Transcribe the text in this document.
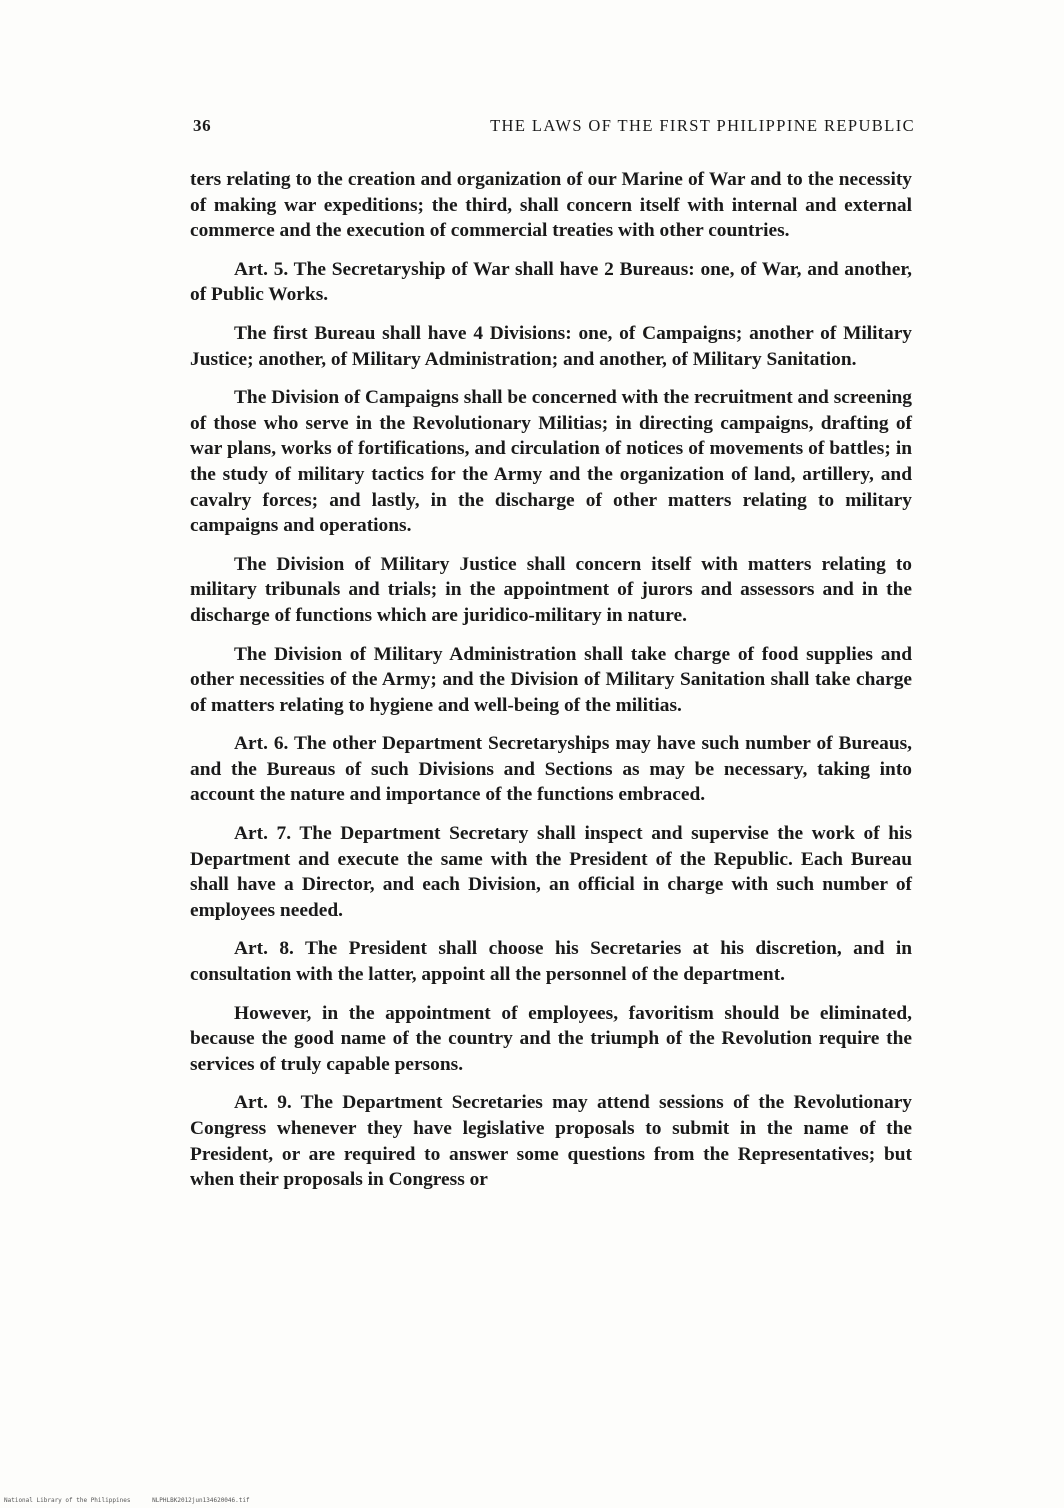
36	THE LAWS OF THE FIRST PHILIPPINE REPUBLIC

ters relating to the creation and organization of our Marine of War and to the necessity of making war expeditions; the third, shall concern itself with internal and external commerce and the execution of commercial treaties with other countries.

Art. 5. The Secretaryship of War shall have 2 Bureaus: one, of War, and another, of Public Works.

The first Bureau shall have 4 Divisions: one, of Campaigns; another of Military Justice; another, of Military Administration; and another, of Military Sanitation.

The Division of Campaigns shall be concerned with the recruitment and screening of those who serve in the Revolutionary Militias; in directing campaigns, drafting of war plans, works of fortifications, and circulation of notices of movements of battles; in the study of military tactics for the Army and the organization of land, artillery, and cavalry forces; and lastly, in the discharge of other matters relating to military campaigns and operations.

The Division of Military Justice shall concern itself with matters relating to military tribunals and trials; in the appointment of jurors and assessors and in the discharge of functions which are juridico-military in nature.

The Division of Military Administration shall take charge of food supplies and other necessities of the Army; and the Division of Military Sanitation shall take charge of matters relating to hygiene and well-being of the militias.

Art. 6. The other Department Secretaryships may have such number of Bureaus, and the Bureaus of such Divisions and Sections as may be necessary, taking into account the nature and importance of the functions embraced.

Art. 7. The Department Secretary shall inspect and supervise the work of his Department and execute the same with the President of the Republic. Each Bureau shall have a Director, and each Division, an official in charge with such number of employees needed.

Art. 8. The President shall choose his Secretaries at his discretion, and in consultation with the latter, appoint all the personnel of the department.

However, in the appointment of employees, favoritism should be eliminated, because the good name of the country and the triumph of the Revolution require the services of truly capable persons.

Art. 9. The Department Secretaries may attend sessions of the Revolutionary Congress whenever they have legislative proposals to submit in the name of the President, or are required to answer some questions from the Representatives; but when their proposals in Congress or

National Library of the Philippines	NLPHLBK2012jun134620046.tif
